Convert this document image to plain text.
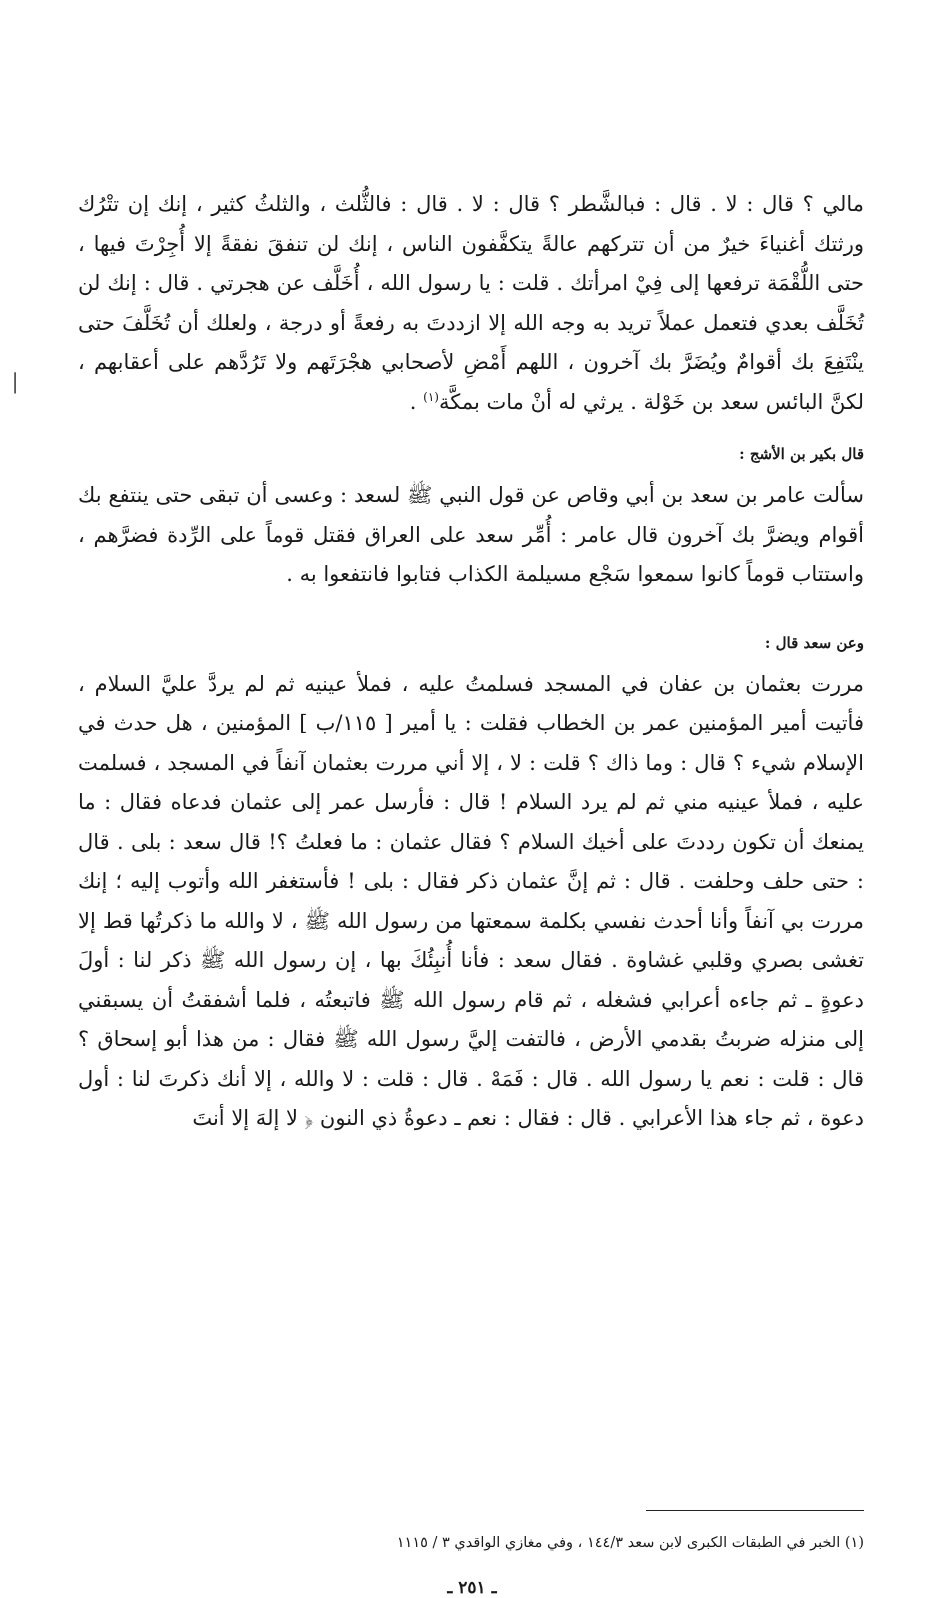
مالي ؟ قال : لا . قال : فبالشَّطر ؟ قال : لا . قال : فالثُّلث ، والثلثُ كثير ، إنك إن تتْرُك ورثتك أغنياءَ خيرٌ من أن تتركهم عالةً يتكفَّفون الناس ، إنك لن تنفقَ نفقةً إلا أُجِرْتَ فيها ، حتى اللُّقْمَة ترفعها إلى فِيْ امرأتك . قلت : يا رسول الله ، أُخَلَّف عن هجرتي . قال : إنك لن تُخَلَّف بعدي فتعمل عملاً تريد به وجه الله إلا ازددتَ به رفعةً أو درجة ، ولعلك أن تُخَلَّفَ حتى ينْتَفِعَ بك أقوامٌ ويُضَرَّ بك آخرون ، اللهم أَمْضِ لأصحابي هجْرَتَهم ولا تَرُدَّهم على أعقابهم ، لكنَّ البائس سعد بن خَوْلة . يرثي له أنْ مات بمكَّة$^{(١)}$ .

قال بكير بن الأشج :

سألت عامر بن سعد بن أبي وقاص عن قول النبي ﷺ لسعد : وعسى أن تبقى حتى ينتفع بك أقوام ويضرَّ بك آخرون قال عامر : أُمِّر سعد على العراق فقتل قوماً على الرِّدة فضرَّهم ، واستتاب قوماً كانوا سمعوا سَجْع مسيلمة الكذاب فتابوا فانتفعوا به .

وعن سعد قال :

مررت بعثمان بن عفان في المسجد فسلمتُ عليه ، فملأ عينيه ثم لم يردَّ عليَّ السلام ، فأتيت أمير المؤمنين عمر بن الخطاب فقلت : يا أمير [ ١١٥/ب ] المؤمنين ، هل حدث في الإسلام شيء ؟ قال : وما ذاك ؟ قلت : لا ، إلا أني مررت بعثمان آنفاً في المسجد ، فسلمت عليه ، فملأ عينيه مني ثم لم يرد السلام ! قال : فأرسل عمر إلى عثمان فدعاه فقال : ما يمنعك أن تكون رددتَ على أخيك السلام ؟ فقال عثمان : ما فعلتُ ؟! قال سعد : بلى . قال : حتى حلف وحلفت . قال : ثم إنَّ عثمان ذكر فقال : بلى ! فأستغفر الله وأتوب إليه ؛ إنك مررت بي آنفاً وأنا أحدث نفسي بكلمة سمعتها من رسول الله ﷺ ، لا والله ما ذكرتُها قط إلا تغشى بصري وقلبي غشاوة . فقال سعد : فأنا أُنبِئُكَ بها ، إن رسول الله ﷺ ذكر لنا : أولَ دعوةٍ ـ ثم جاءه أعرابي فشغله ، ثم قام رسول الله ﷺ فاتبعتُه ، فلما أشفقتُ أن يسبقني إلى منزله ضربتُ بقدمي الأرض ، فالتفت إليَّ رسول الله ﷺ فقال : من هذا أبو إسحاق ؟ قال : قلت : نعم يا رسول الله . قال : فَمَهْ . قال : قلت : لا والله ، إلا أنك ذكرتَ لنا : أول دعوة ، ثم جاء هذا الأعرابي . قال : فقال : نعم ـ دعوةُ ذي النون ﴿ لا إلهَ إلا أنتَ

׀

(١) الخبر في الطبقات الكبرى لابن سعد ١٤٤/٣ ، وفي مغازي الواقدي ٣ / ١١١٥

ـ ٢٥١ ـ
